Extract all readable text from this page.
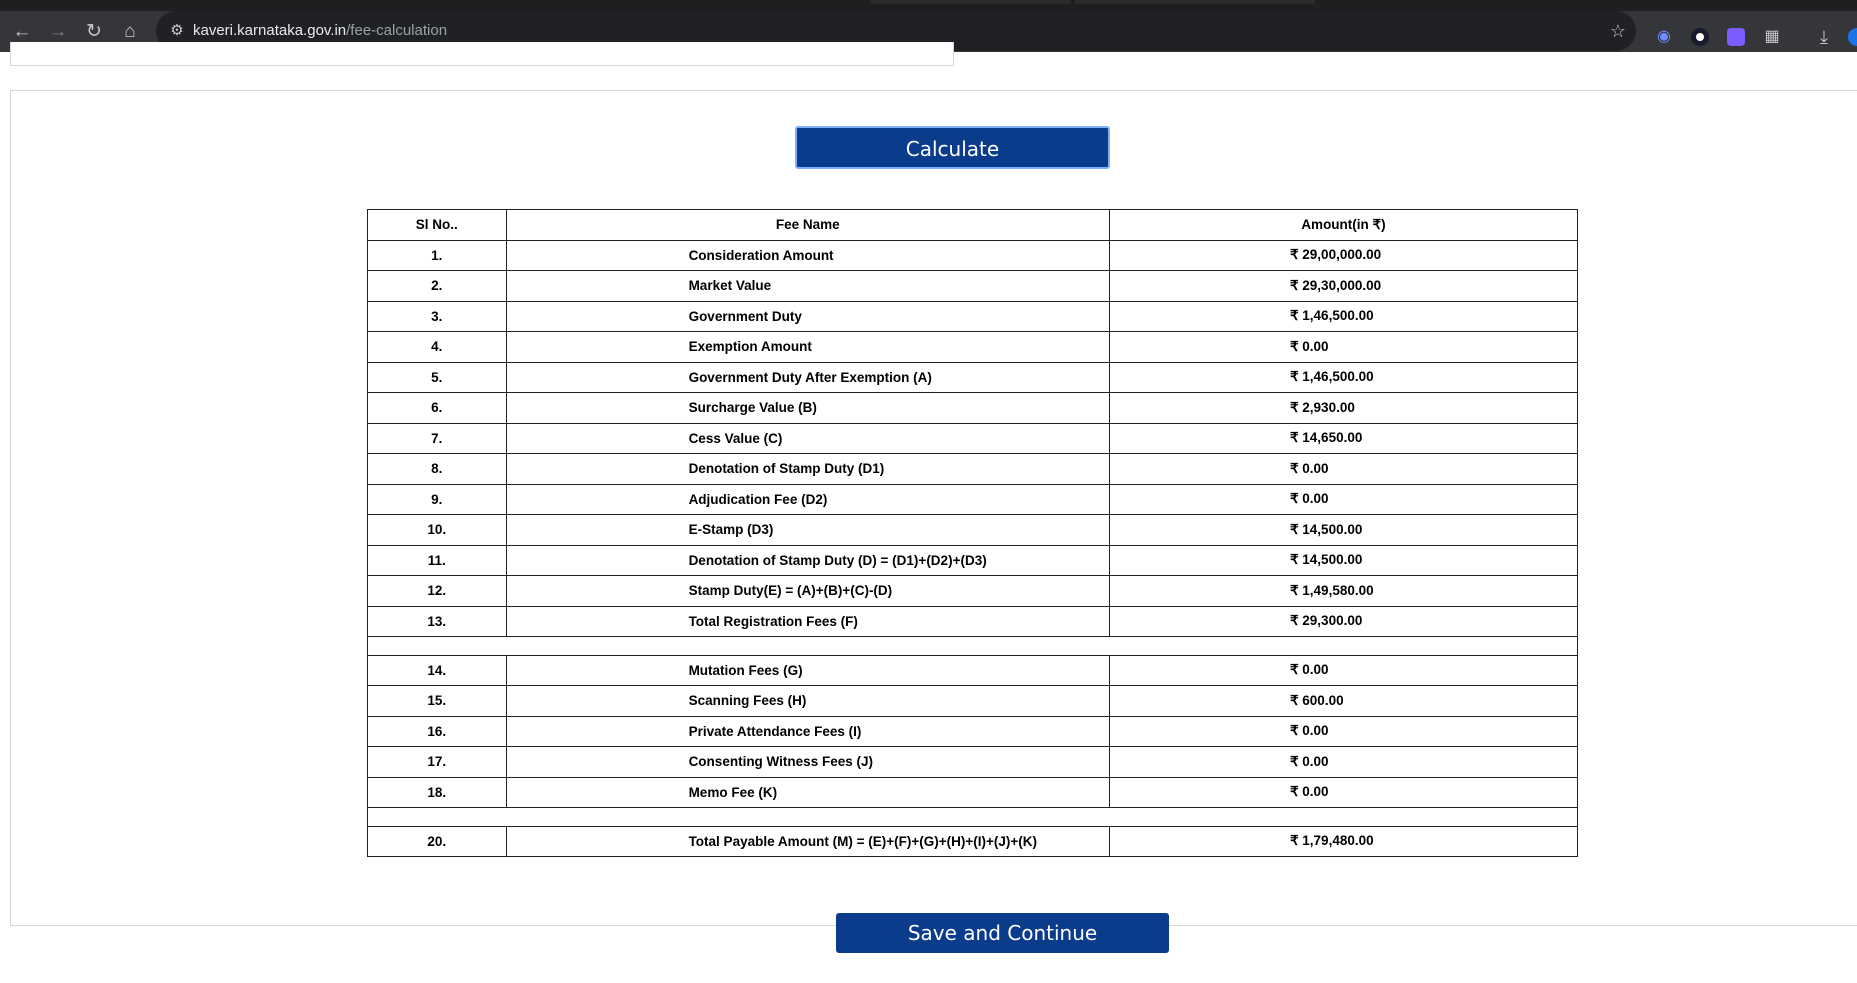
← → ↻	⌂	⚙ kaveri.karnataka.gov.in/fee-calculation	☆ ◉	▦ ⤓
Calculate
Sl No..	Fee Name	Amount(in ₹)
1.	Consideration Amount	₹ 29,00,000.00
2.	Market Value	₹ 29,30,000.00
3.	Government Duty	₹ 1,46,500.00
4.	Exemption Amount	₹ 0.00
5.	Government Duty After Exemption (A)	₹ 1,46,500.00
6.	Surcharge Value (B)	₹ 2,930.00
7.	Cess Value (C)	₹ 14,650.00
8.	Denotation of Stamp Duty (D1)	₹ 0.00
9.	Adjudication Fee (D2)	₹ 0.00
10.	E-Stamp (D3)	₹ 14,500.00
11.	Denotation of Stamp Duty (D) = (D1)+(D2)+(D3)	₹ 14,500.00
12.	Stamp Duty(E) = (A)+(B)+(C)-(D)	₹ 1,49,580.00
13.	Total Registration Fees (F)	₹ 29,300.00

14.	Mutation Fees (G)	₹ 0.00
15.	Scanning Fees (H)	₹ 600.00
16.	Private Attendance Fees (I)	₹ 0.00
17.	Consenting Witness Fees (J)	₹ 0.00
18.	Memo Fee (K)	₹ 0.00

20.	Total Payable Amount (M) = (E)+(F)+(G)+(H)+(I)+(J)+(K)	₹ 1,79,480.00
Save and Continue
